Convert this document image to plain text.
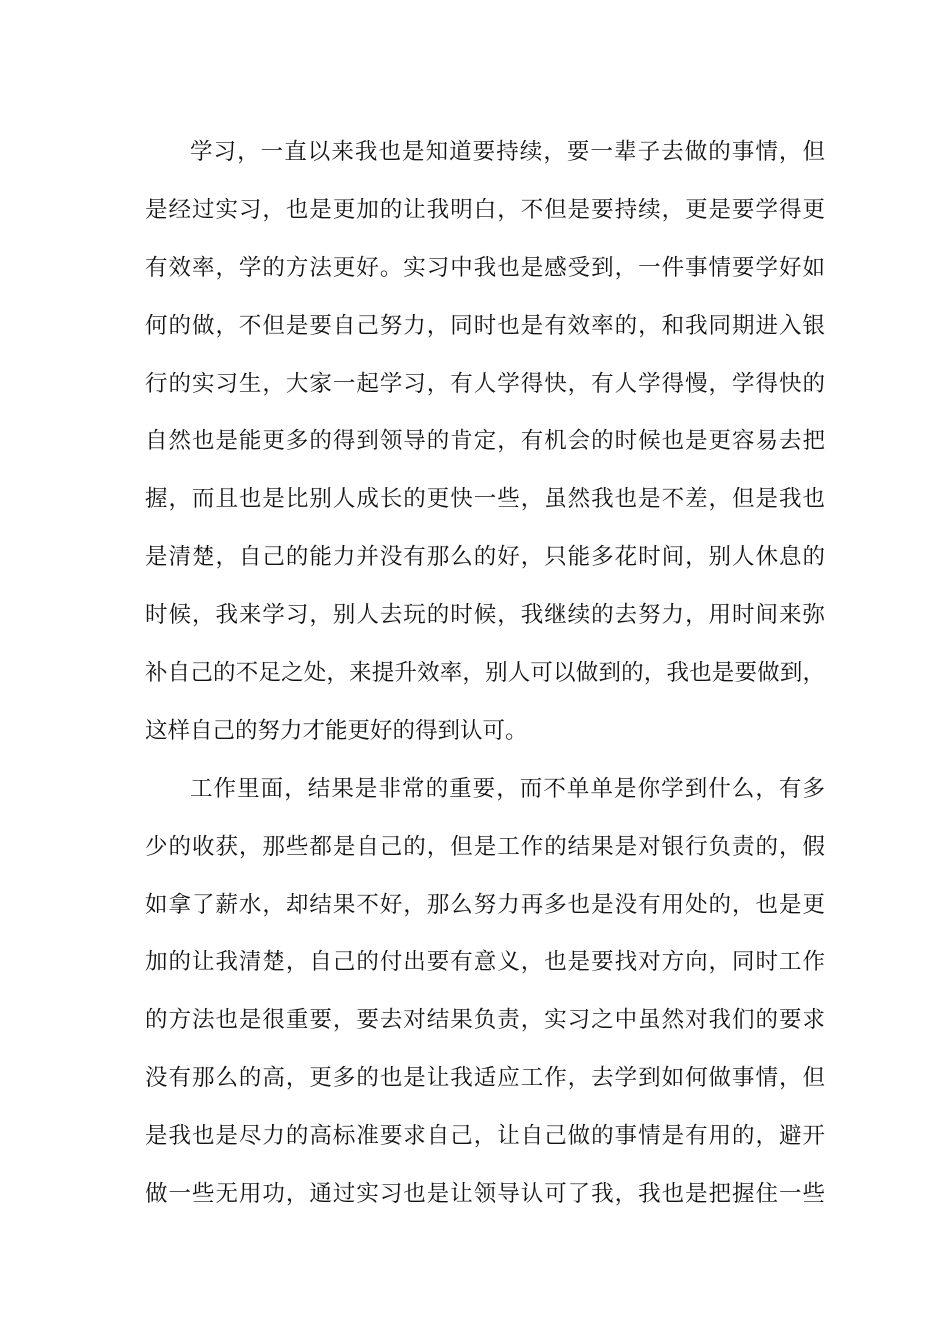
学习，一直以来我也是知道要持续，要一辈子去做的事情，但
是经过实习，也是更加的让我明白，不但是要持续，更是要学得更
有效率，学的方法更好。实习中我也是感受到，一件事情要学好如
何的做，不但是要自己努力，同时也是有效率的，和我同期进入银
行的实习生，大家一起学习，有人学得快，有人学得慢，学得快的
自然也是能更多的得到领导的肯定，有机会的时候也是更容易去把
握，而且也是比别人成长的更快一些，虽然我也是不差，但是我也
是清楚，自己的能力并没有那么的好，只能多花时间，别人休息的
时候，我来学习，别人去玩的时候，我继续的去努力，用时间来弥
补自己的不足之处，来提升效率，别人可以做到的，我也是要做到，
这样自己的努力才能更好的得到认可。
工作里面，结果是非常的重要，而不单单是你学到什么，有多
少的收获，那些都是自己的，但是工作的结果是对银行负责的，假
如拿了薪水，却结果不好，那么努力再多也是没有用处的，也是更
加的让我清楚，自己的付出要有意义，也是要找对方向，同时工作
的方法也是很重要，要去对结果负责，实习之中虽然对我们的要求
没有那么的高，更多的也是让我适应工作，去学到如何做事情，但
是我也是尽力的高标准要求自己，让自己做的事情是有用的，避开
做一些无用功，通过实习也是让领导认可了我，我也是把握住一些
